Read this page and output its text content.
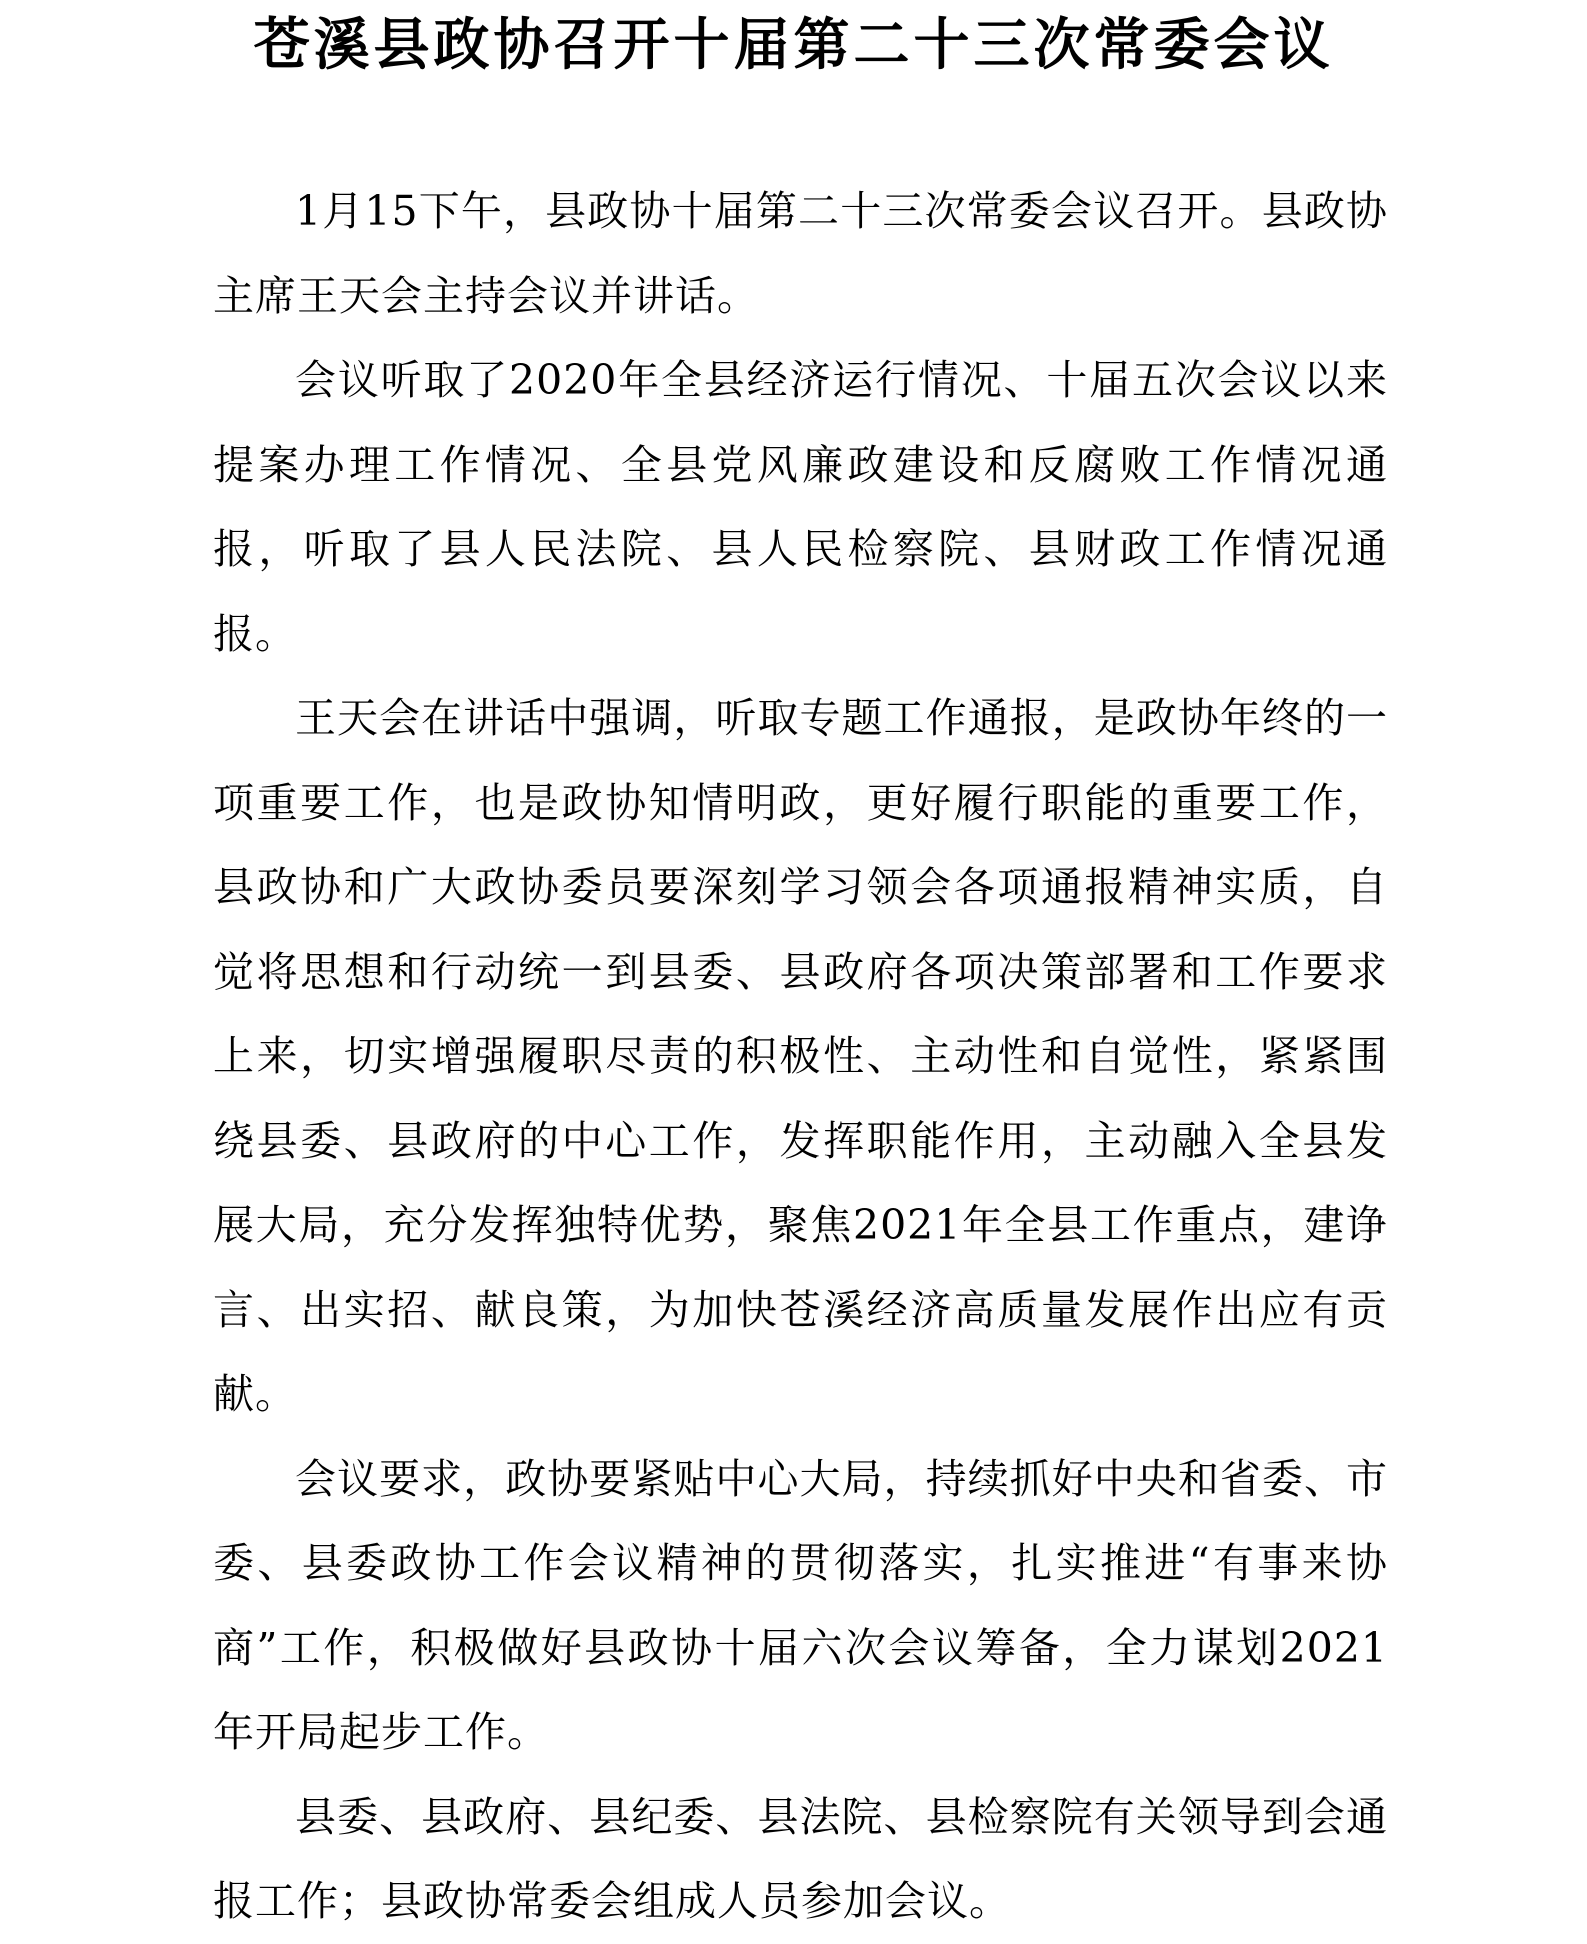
苍溪县政协召开十届第二十三次常委会议

1月15下午，县政协十届第二十三次常委会议召开。县政协主席王天会主持会议并讲话。

会议听取了2020年全县经济运行情况、十届五次会议以来提案办理工作情况、全县党风廉政建设和反腐败工作情况通报，听取了县人民法院、县人民检察院、县财政工作情况通报。

王天会在讲话中强调，听取专题工作通报，是政协年终的一项重要工作，也是政协知情明政，更好履行职能的重要工作，县政协和广大政协委员要深刻学习领会各项通报精神实质，自觉将思想和行动统一到县委、县政府各项决策部署和工作要求上来，切实增强履职尽责的积极性、主动性和自觉性，紧紧围绕县委、县政府的中心工作，发挥职能作用，主动融入全县发展大局，充分发挥独特优势，聚焦2021年全县工作重点，建诤言、出实招、献良策，为加快苍溪经济高质量发展作出应有贡献。

会议要求，政协要紧贴中心大局，持续抓好中央和省委、市委、县委政协工作会议精神的贯彻落实，扎实推进“有事来协商”工作，积极做好县政协十届六次会议筹备，全力谋划2021年开局起步工作。

县委、县政府、县纪委、县法院、县检察院有关领导到会通报工作；县政协常委会组成人员参加会议。
